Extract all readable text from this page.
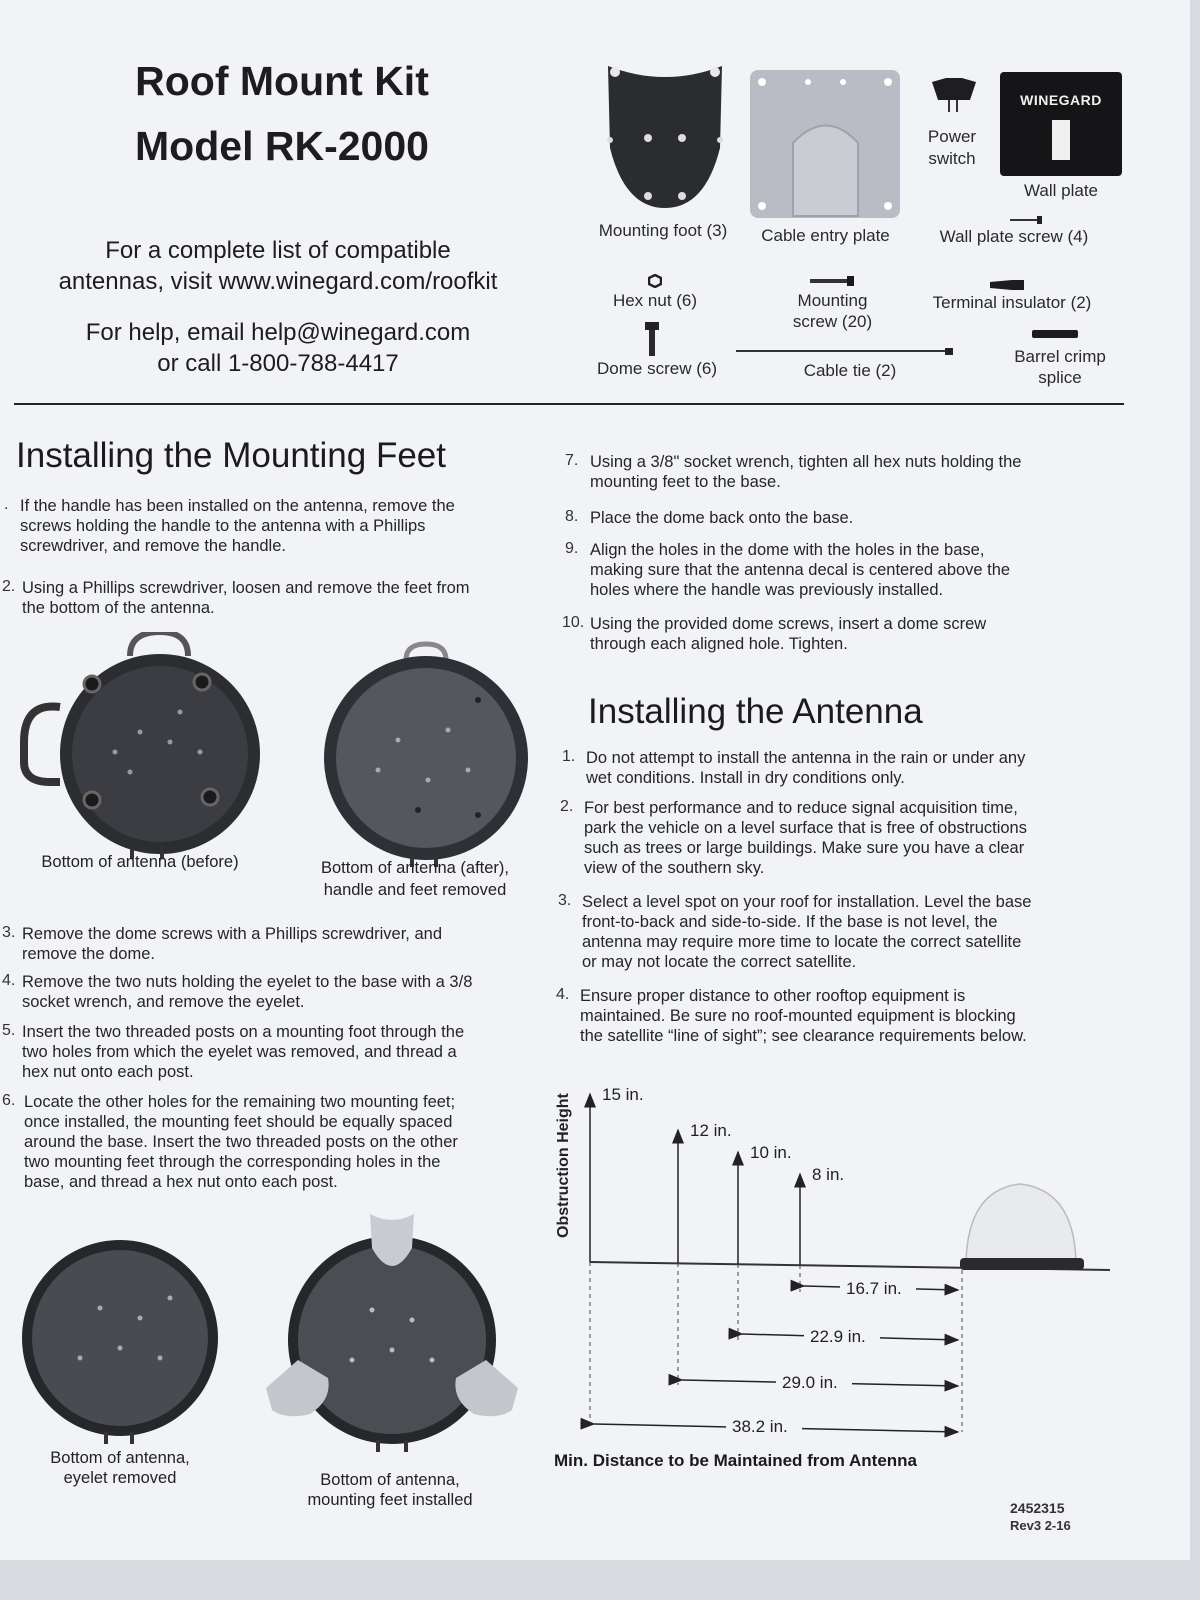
Roof Mount Kit
Model RK-2000
For a complete list of compatible
antennas, visit www.winegard.com/roofkit
For help, email help@winegard.com
or call 1-800-788-4417
Power
switch
WINEGARD
Wall plate
Mounting foot (3)	Cable entry plate	Wall plate screw (4)
Hex nut (6)	Mounting
screw (20)
Terminal insulator (2)
Dome screw (6)	Cable tie (2)
Barrel crimp
splice
Installing the Mounting Feet
. If the handle has been installed on the antenna, remove the
screws holding the handle to the antenna with a Phillips
screwdriver, and remove the handle.
2. Using a Phillips screwdriver, loosen and remove the feet from
the bottom of the antenna.
Bottom of antenna (before)	Bottom of antenna (after),
handle and feet removed
3. Remove the dome screws with a Phillips screwdriver, and
remove the dome.
4. Remove the two nuts holding the eyelet to the base with a 3/8
socket wrench, and remove the eyelet.
5. Insert the two threaded posts on a mounting foot through the
two holes from which the eyelet was removed, and thread a
hex nut onto each post.
6. Locate the other holes for the remaining two mounting feet;
once installed, the mounting feet should be equally spaced
around the base. Insert the two threaded posts on the other
two mounting feet through the corresponding holes in the
base, and thread a hex nut onto each post.
Bottom of antenna,
eyelet removed	Bottom of antenna,
mounting feet installed
7. Using a 3/8" socket wrench, tighten all hex nuts holding the
mounting feet to the base.
8. Place the dome back onto the base.
9. Align the holes in the dome with the holes in the base,
making sure that the antenna decal is centered above the
holes where the handle was previously installed.
10. Using the provided dome screws, insert a dome screw
through each aligned hole. Tighten.
Installing the Antenna
1. Do not attempt to install the antenna in the rain or under any
wet conditions. Install in dry conditions only.
2. For best performance and to reduce signal acquisition time,
park the vehicle on a level surface that is free of obstructions
such as trees or large buildings. Make sure you have a clear
view of the southern sky.
3. Select a level spot on your roof for installation. Level the base
front-to-back and side-to-side. If the base is not level, the
antenna may require more time to locate the correct satellite
or may not locate the correct satellite.
4. Ensure proper distance to other rooftop equipment is
maintained. Be sure no roof-mounted equipment is blocking
the satellite “line of sight”; see clearance requirements below.
Obstruction Height 15 in.
12 in.
10 in.
8 in.
16.7 in.
22.9 in.
29.0 in.
38.2 in.
Min. Distance to be Maintained from Antenna
2452315
Rev3 2-16
